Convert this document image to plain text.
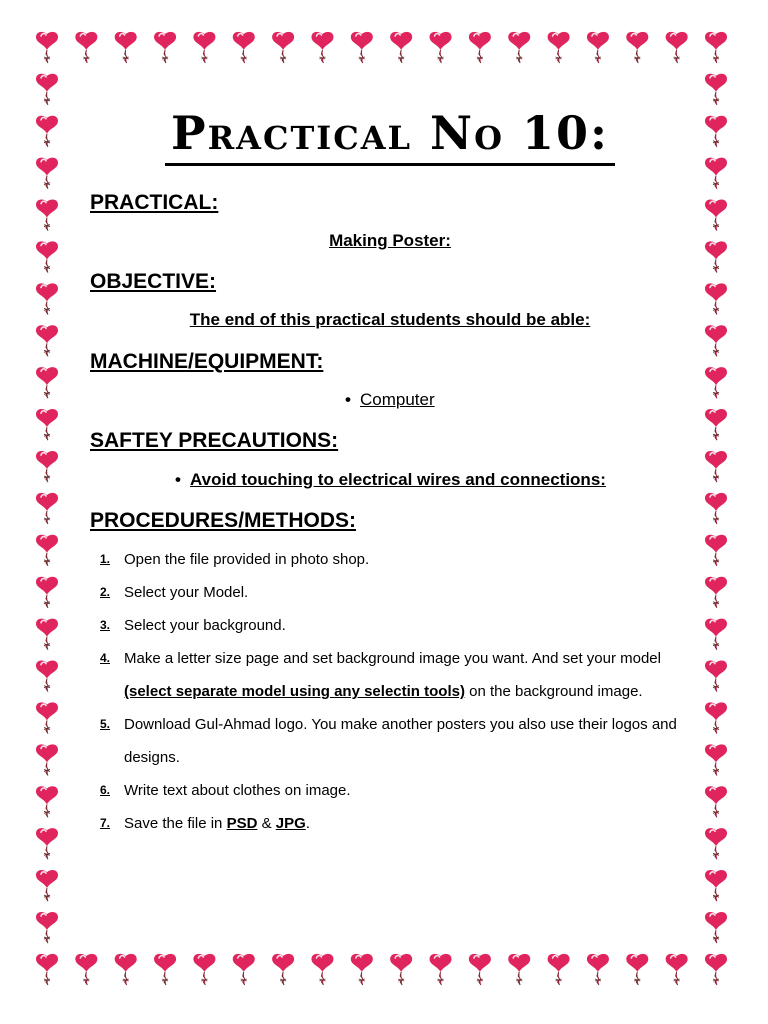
Practical No 10:
PRACTICAL:

Making Poster:

OBJECTIVE:

The end of this practical students should be able:

MACHINE/EQUIPMENT:

• Computer

SAFTEY PRECAUTIONS:

• Avoid touching to electrical wires and connections:

PROCEDURES/METHODS:
1. Open the file provided in photo shop.
2. Select your Model.
3. Select your background.
4. Make a letter size page and set background image you want. And set your model (select separate model using any selectin tools) on the background image.
5. Download Gul-Ahmad logo. You make another posters you also use their logos and designs.
6. Write text about clothes on image.
7. Save the file in PSD & JPG.
